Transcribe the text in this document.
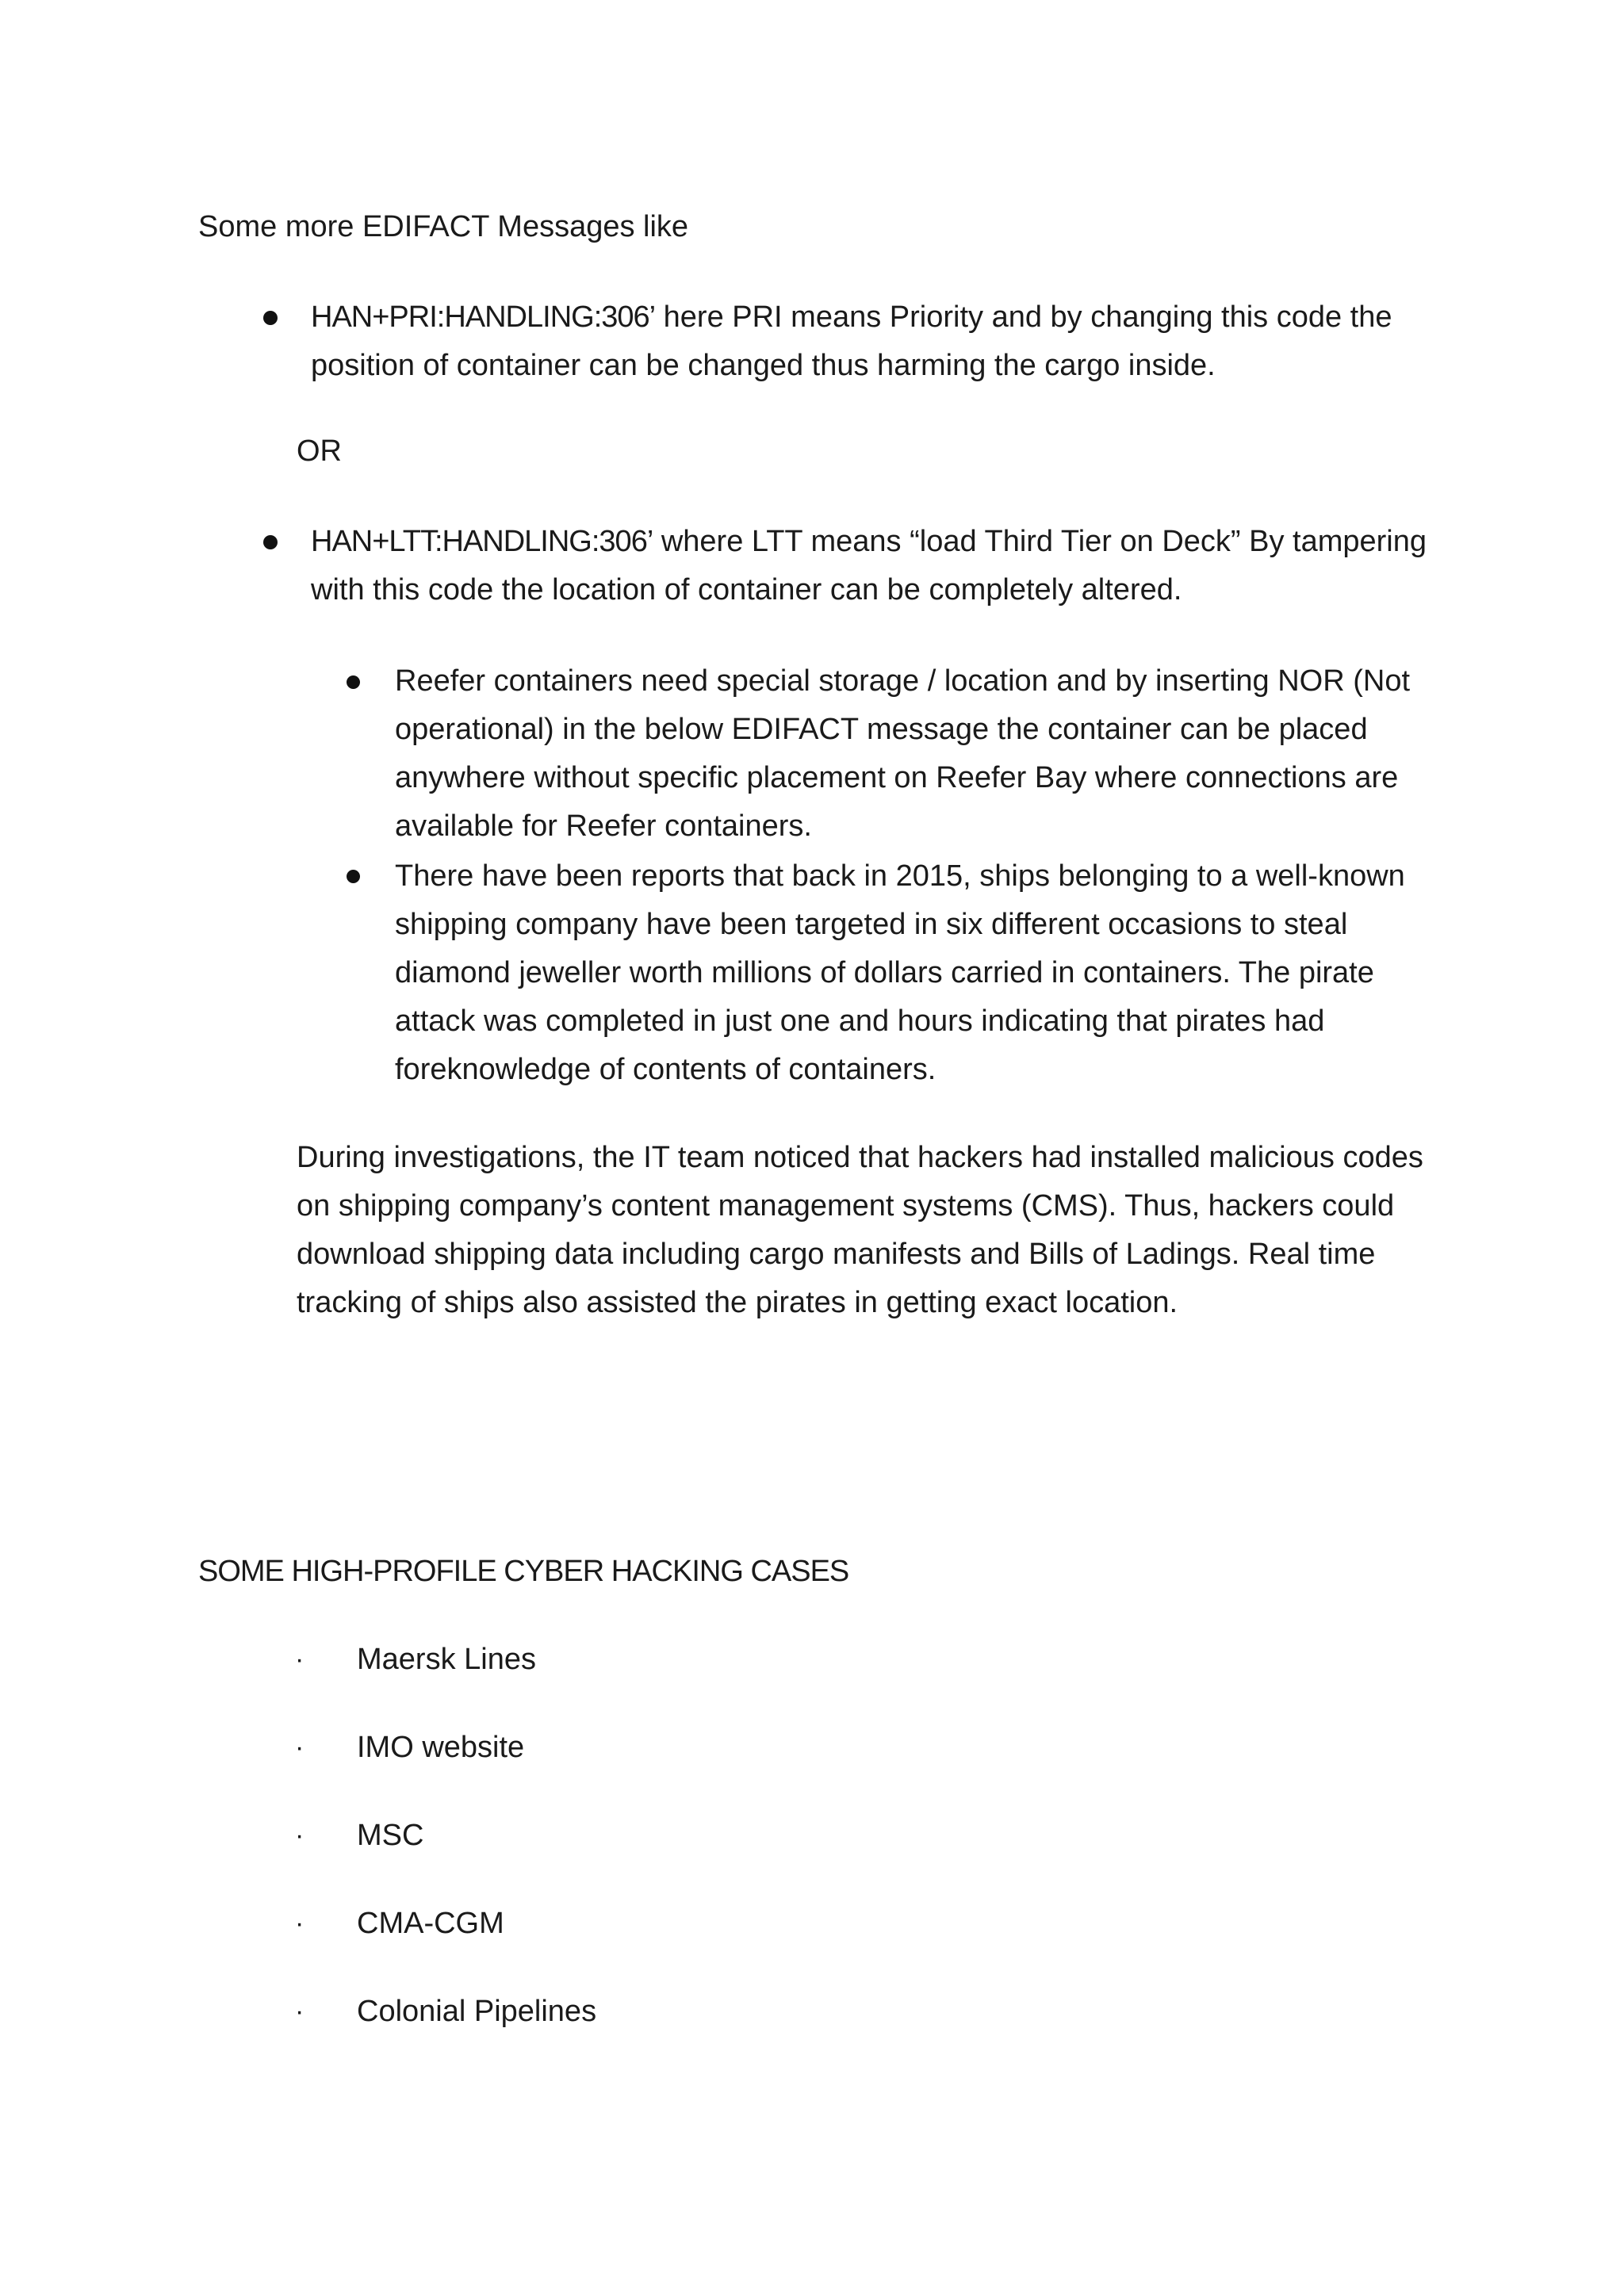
Some more EDIFACT Messages like
HAN+PRI:HANDLING:306’ here PRI means Priority and by changing this code the
position of container can be changed thus harming the cargo inside.
OR
HAN+LTT:HANDLING:306’ where LTT means “load Third Tier on Deck” By tampering
with this code the location of container can be completely altered.
Reefer containers need special storage / location and by inserting NOR (Not
operational) in the below EDIFACT message the container can be placed
anywhere without specific placement on Reefer Bay where connections are
available for Reefer containers.
There have been reports that back in 2015, ships belonging to a well-known
shipping company have been targeted in six different occasions to steal
diamond jeweller worth millions of dollars carried in containers. The pirate
attack was completed in just one and hours indicating that pirates had
foreknowledge of contents of containers.
During investigations, the IT team noticed that hackers had installed malicious codes
on shipping company’s content management systems (CMS). Thus, hackers could
download shipping data including cargo manifests and Bills of Ladings. Real time
tracking of ships also assisted the pirates in getting exact location.
SOME HIGH-PROFILE CYBER HACKING CASES
· Maersk Lines
· IMO website
· MSC
· CMA-CGM
· Colonial Pipelines
